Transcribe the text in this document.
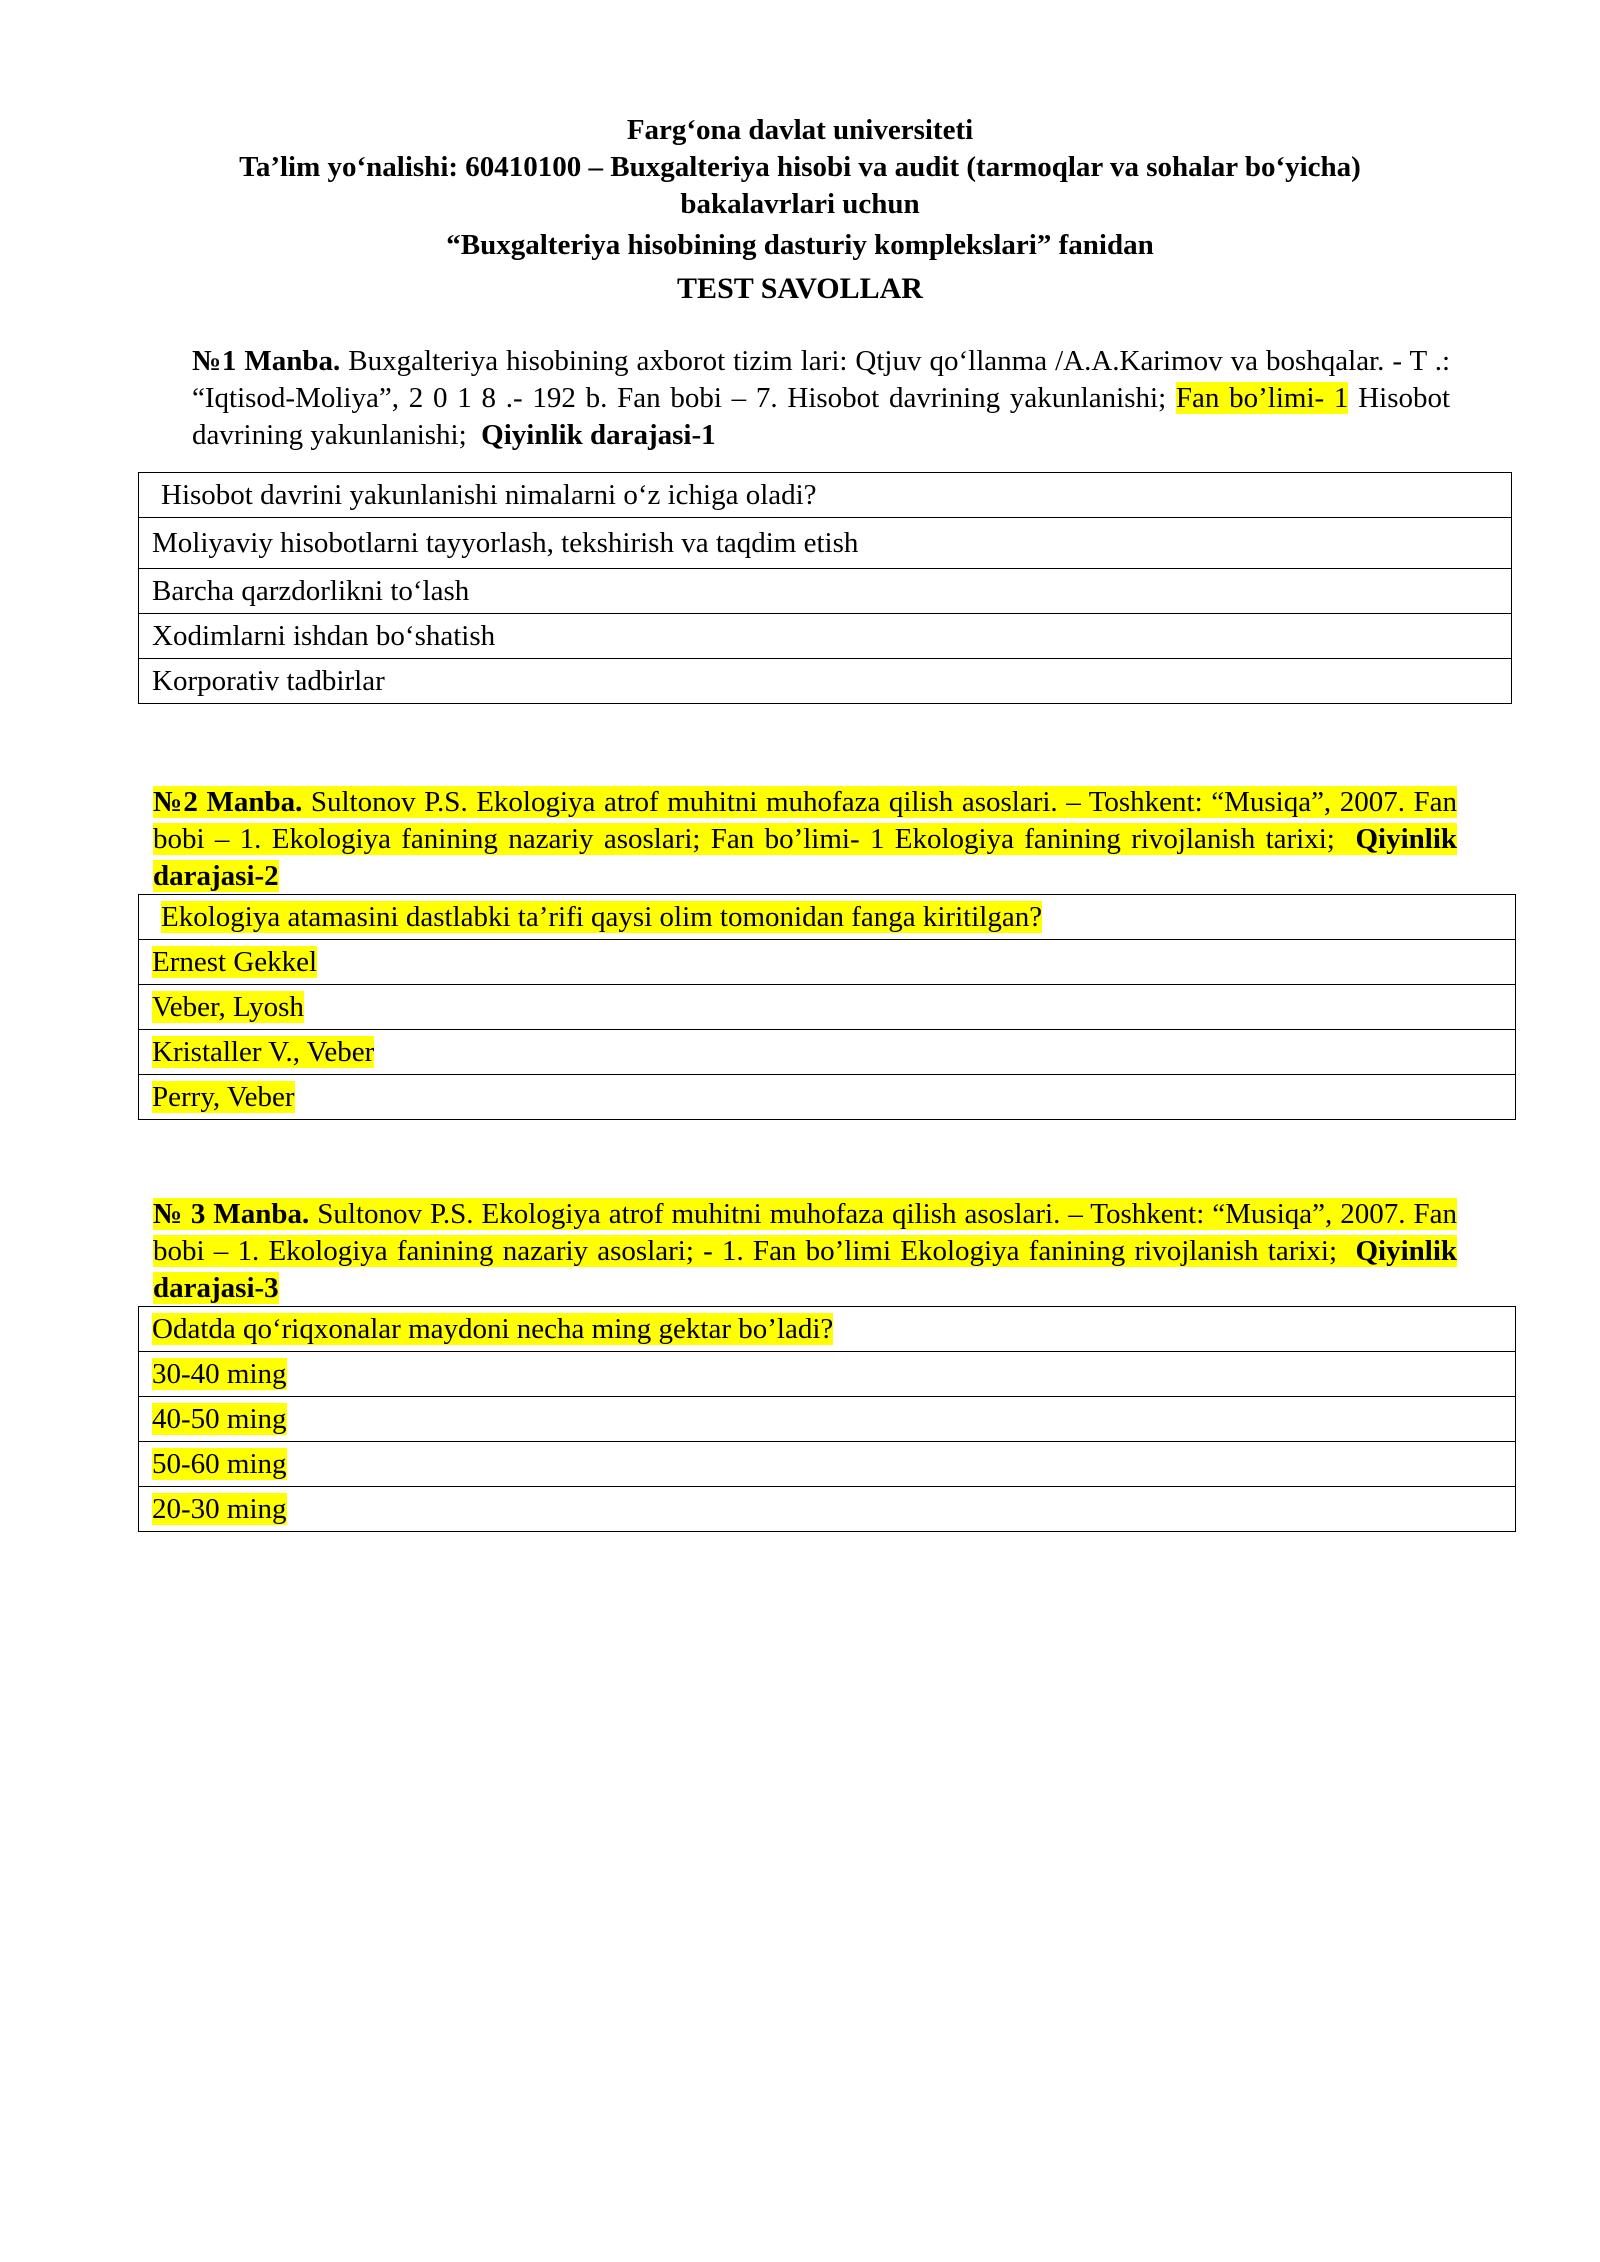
Farg‘ona davlat universiteti
Ta’lim yo‘nalishi: 60410100 – Buxgalteriya hisobi va audit (tarmoqlar va sohalar bo‘yicha)
bakalavrlari uchun
“Buxgalteriya hisobining dasturiy komplekslari” fanidan
TEST SAVOLLAR
№1 Manba. Buxgalteriya hisobining axborot tizim lari: Qtjuv qo‘llanma /A.A.Karimov va boshqalar. - T .: “Iqtisod-Moliya”, 2 0 1 8 .- 192 b. Fan bobi – 7. Hisobot davrining yakunlanishi; Fan bo’limi- 1 Hisobot davrining yakunlanishi; Qiyinlik darajasi-1
Hisobot davrini yakunlanishi nimalarni o‘z ichiga oladi?
Moliyaviy hisobotlarni tayyorlash, tekshirish va taqdim etish
Barcha qarzdorlikni to‘lash
Xodimlarni ishdan bo‘shatish
Korporativ tadbirlar
№2 Manba. Sultonov P.S. Ekologiya atrof muhitni muhofaza qilish asoslari. – Toshkent: “Musiqa”, 2007. Fan bobi – 1. Ekologiya fanining nazariy asoslari; Fan bo’limi- 1 Ekologiya fanining rivojlanish tarixi; Qiyinlik darajasi-2
Ekologiya atamasini dastlabki ta’rifi qaysi olim tomonidan fanga kiritilgan?
Ernest Gekkel
Veber, Lyosh
Kristaller V., Veber
Perry, Veber
№ 3 Manba. Sultonov P.S. Ekologiya atrof muhitni muhofaza qilish asoslari. – Toshkent: “Musiqa”, 2007. Fan bobi – 1. Ekologiya fanining nazariy asoslari; - 1. Fan bo’limi Ekologiya fanining rivojlanish tarixi; Qiyinlik darajasi-3
Odatda qo‘riqxonalar maydoni necha ming gektar bo’ladi?
30-40 ming
40-50 ming
50-60 ming
20-30 ming
